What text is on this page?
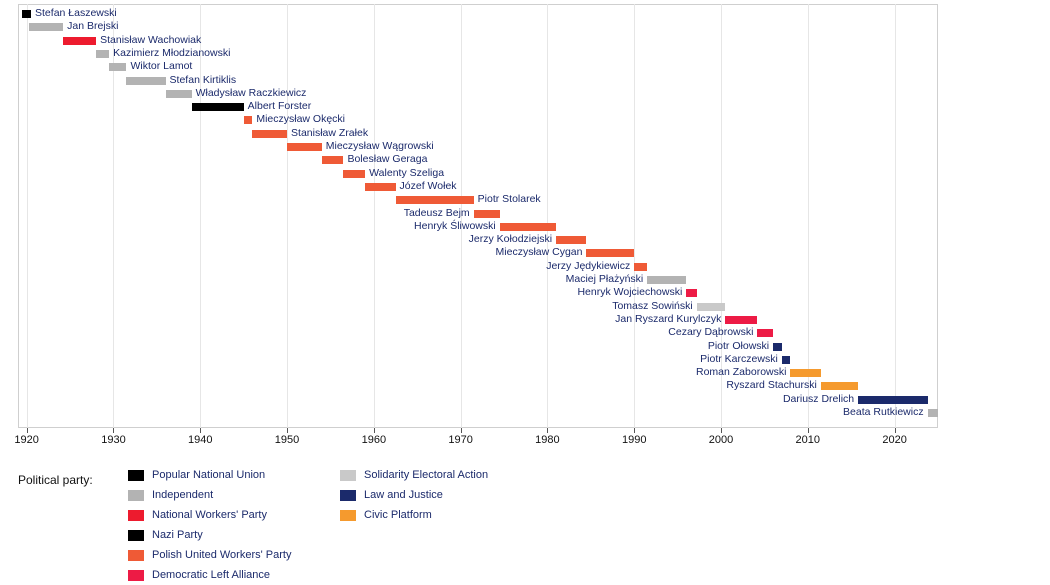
Stefan Łaszewski
Jan Brejski
Stanisław Wachowiak
Kazimierz Młodzianowski
Wiktor Lamot
Stefan Kirtiklis
Władysław Raczkiewicz
Albert Forster
Mieczysław Okęcki
Stanisław Zrałek
Mieczysław Wągrowski
Bolesław Geraga
Walenty Szeliga
Józef Wołek
Piotr Stolarek
Tadeusz Bejm
Henryk Śliwowski
Jerzy Kołodziejski
Mieczysław Cygan
Jerzy Jędykiewicz
Maciej Płażyński
Henryk Wojciechowski
Tomasz Sowiński
Jan Ryszard Kurylczyk
Cezary Dąbrowski
Piotr Ołowski
Piotr Karczewski
Roman Zaborowski
Ryszard Stachurski
Dariusz Drelich
Beata Rutkiewicz
1920	1930	1940	1950	1960	1970	1980	1990	2000	2010	2020
Political party:	Popular National Union
Independent
National Workers' Party
Nazi Party
Polish United Workers' Party
Democratic Left Alliance
Solidarity Electoral Action
Law and Justice
Civic Platform
